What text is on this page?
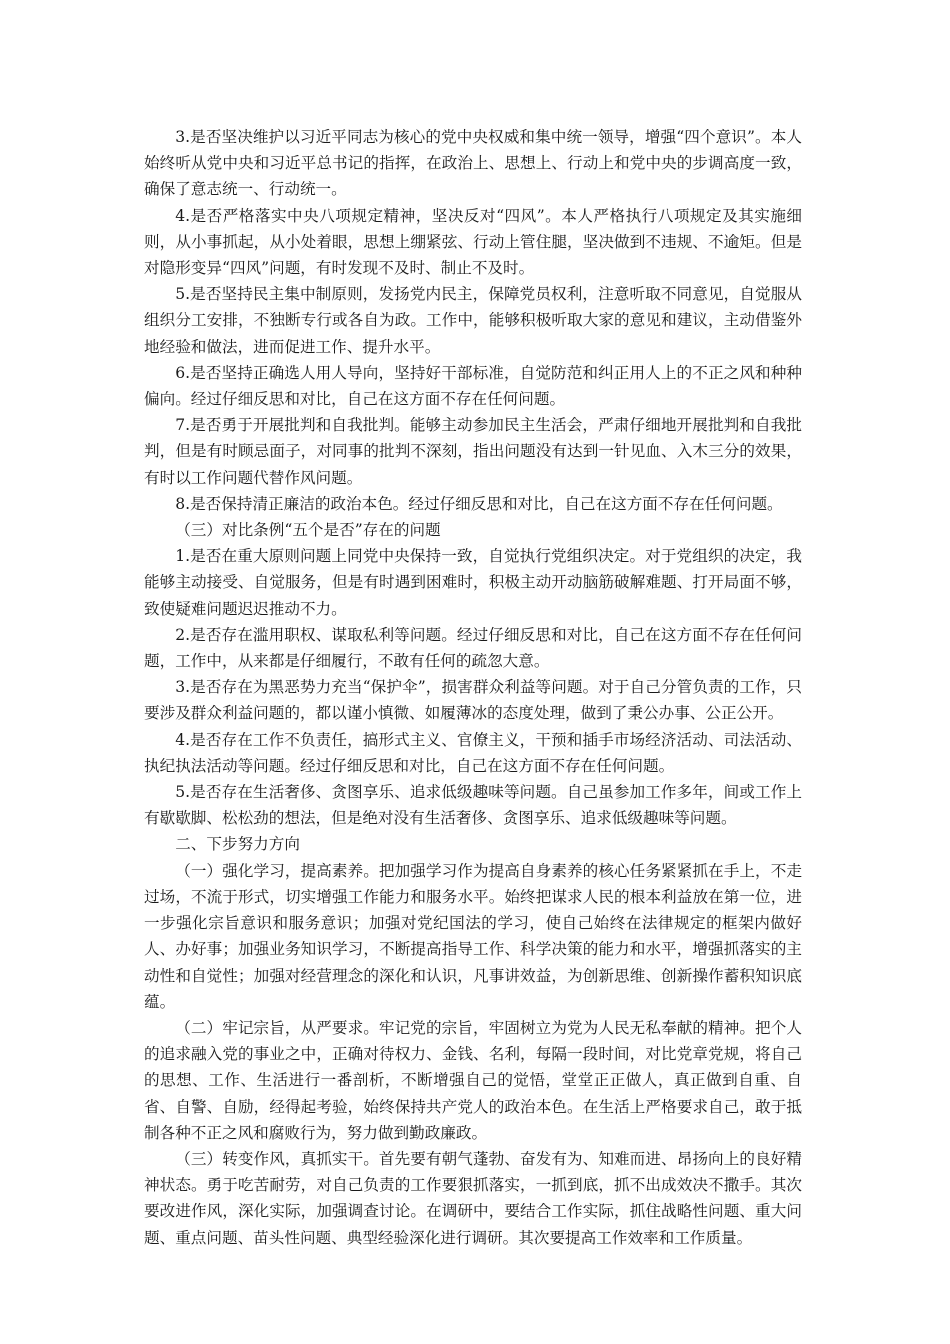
3.是否坚决维护以习近平同志为核心的党中央权威和集中统一领导，增强“四个意识”。本人始终听从党中央和习近平总书记的指挥，在政治上、思想上、行动上和党中央的步调高度一致，确保了意志统一、行动统一。

4.是否严格落实中央八项规定精神，坚决反对“四风”。本人严格执行八项规定及其实施细则，从小事抓起，从小处着眼，思想上绷紧弦、行动上管住腿，坚决做到不违规、不逾矩。但是对隐形变异“四风”问题，有时发现不及时、制止不及时。

5.是否坚持民主集中制原则，发扬党内民主，保障党员权利，注意听取不同意见，自觉服从组织分工安排，不独断专行或各自为政。工作中，能够积极听取大家的意见和建议，主动借鉴外地经验和做法，进而促进工作、提升水平。

6.是否坚持正确选人用人导向，坚持好干部标准，自觉防范和纠正用人上的不正之风和种种偏向。经过仔细反思和对比，自己在这方面不存在任何问题。

7.是否勇于开展批判和自我批判。能够主动参加民主生活会，严肃仔细地开展批判和自我批判，但是有时顾忌面子，对同事的批判不深刻，指出问题没有达到一针见血、入木三分的效果，有时以工作问题代替作风问题。

8.是否保持清正廉洁的政治本色。经过仔细反思和对比，自己在这方面不存在任何问题。

（三）对比条例“五个是否”存在的问题

1.是否在重大原则问题上同党中央保持一致，自觉执行党组织决定。对于党组织的决定，我能够主动接受、自觉服务，但是有时遇到困难时，积极主动开动脑筋破解难题、打开局面不够，致使疑难问题迟迟推动不力。

2.是否存在滥用职权、谋取私利等问题。经过仔细反思和对比，自己在这方面不存在任何问题，工作中，从来都是仔细履行，不敢有任何的疏忽大意。

3.是否存在为黑恶势力充当“保护伞”，损害群众利益等问题。对于自己分管负责的工作，只要涉及群众利益问题的，都以谨小慎微、如履薄冰的态度处理，做到了秉公办事、公正公开。

4.是否存在工作不负责任，搞形式主义、官僚主义，干预和插手市场经济活动、司法活动、执纪执法活动等问题。经过仔细反思和对比，自己在这方面不存在任何问题。

5.是否存在生活奢侈、贪图享乐、追求低级趣味等问题。自己虽参加工作多年，间或工作上有歇歇脚、松松劲的想法，但是绝对没有生活奢侈、贪图享乐、追求低级趣味等问题。

二、下步努力方向

（一）强化学习，提高素养。把加强学习作为提高自身素养的核心任务紧紧抓在手上，不走过场，不流于形式，切实增强工作能力和服务水平。始终把谋求人民的根本利益放在第一位，进一步强化宗旨意识和服务意识；加强对党纪国法的学习，使自己始终在法律规定的框架内做好人、办好事；加强业务知识学习，不断提高指导工作、科学决策的能力和水平，增强抓落实的主动性和自觉性；加强对经营理念的深化和认识，凡事讲效益，为创新思维、创新操作蓄积知识底蕴。

（二）牢记宗旨，从严要求。牢记党的宗旨，牢固树立为党为人民无私奉献的精神。把个人的追求融入党的事业之中，正确对待权力、金钱、名利，每隔一段时间，对比党章党规，将自己的思想、工作、生活进行一番剖析，不断增强自己的觉悟，堂堂正正做人，真正做到自重、自省、自警、自励，经得起考验，始终保持共产党人的政治本色。在生活上严格要求自己，敢于抵制各种不正之风和腐败行为，努力做到勤政廉政。

（三）转变作风，真抓实干。首先要有朝气蓬勃、奋发有为、知难而进、昂扬向上的良好精神状态。勇于吃苦耐劳，对自己负责的工作要狠抓落实，一抓到底，抓不出成效决不撒手。其次要改进作风，深化实际，加强调查讨论。在调研中，要结合工作实际，抓住战略性问题、重大问题、重点问题、苗头性问题、典型经验深化进行调研。其次要提高工作效率和工作质量。
